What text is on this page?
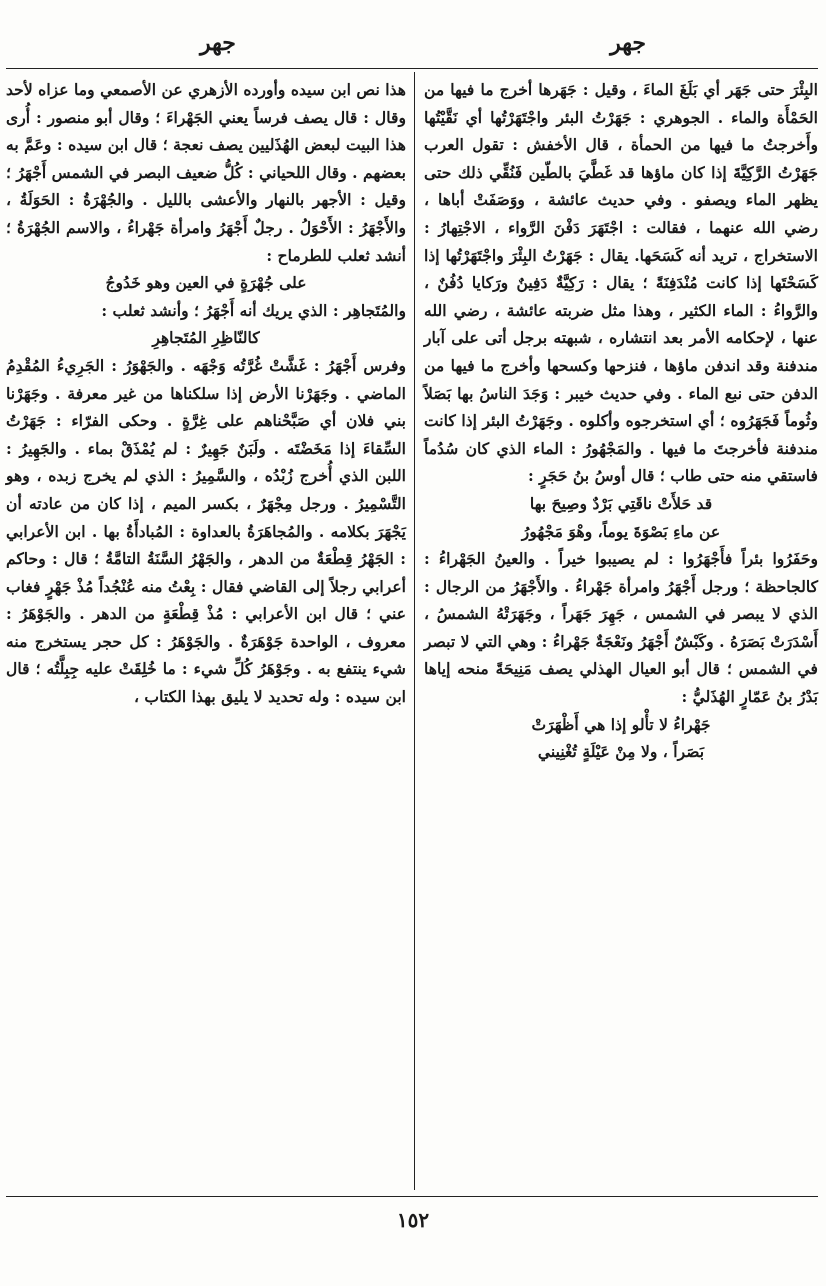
جهر
جهر

البِئْرَ حتى جَهَر أي بَلَغَ الماءَ ، وقيل : جَهَرها أخرج ما فيها من الحَمْأَة والماء . الجوهري : جَهَرْتُ البئر واجْتَهَرْتُها أي نَقَّيْتُها وأَخرجتُ ما فيها من الحمأة ، قال الأخفش : تقول العرب جَهَرْتُ الرَّكِيَّةَ إذا كان ماؤها قد غَطَّيَ بالطّين فَنُقِّي ذلك حتى يظهر الماء ويصفو . وفي حديث عائشة ، ووَصَفَتْ أباها ، رضي الله عنهما ، فقالت : اجْتَهَرَ دَفْنَ الرَّواء ، الاجْتِهارُ : الاستخراج ، تريد أنه كَسَحَها. يقال : جَهَرْتُ البِئْرَ واجْتَهَرْتُها إذا كَسَحْتَها إذا كانت مُنْدَفِنَةً ؛ يقال : رَكِيَّةٌ دَفِينٌ ورَكايا دُفُنٌ ، والرَّواءُ : الماء الكثير ، وهذا مثل ضربته عائشة ، رضي الله عنها ، لإحكامه الأمر بعد انتشاره ، شبهته برجل أتى على آبار مندفنة وقد اندفن ماؤها ، فنزحها وكسحها وأخرج ما فيها من الدفن حتى نبع الماء . وفي حديث خيبر : وَجَدَ الناسُ بها بَصَلاً وثُوماً فَجَهَرُوه ؛ أي استخرجوه وأكلوه . وجَهَرْتُ البئر إذا كانت مندفنة فأخرجتَ ما فيها . والمَجْهُورُ : الماء الذي كان سُدُماً فاستقي منه حتى طاب ؛ قال أوسُ بنُ حَجَرٍ :

قد حَلأَتْ ناقَتِي بَرْدٌ وصِيحَ بها

عن ماءِ بَصْوَةَ يوماً، وهْوَ مَجْهُورُ

وحَفَرُوا بئراً فأَجْهَرُوا : لم يصيبوا خيراً . والعينُ الجَهْراءُ : كالجاحظة ؛ ورجل أَجْهَرُ وامرأة جَهْراءُ . والأَجْهَرُ من الرجال : الذي لا يبصر في الشمس ، جَهِرَ جَهَراً ، وجَهَرَتْهُ الشمسُ ، أَسْدَرَتْ بَصَرَهُ . وكَبْشٌ أَجْهَرُ ونَعْجَةٌ جَهْراءُ : وهي التي لا تبصر في الشمس ؛ قال أبو العيال الهذلي يصف مَنِيحَةً منحه إياها بَدْرُ بنُ عَمّارٍ الهُذَليُّ :

جَهْراءُ لا تأْلو إذا هي أَظْهَرَتْ

بَصَراً ، ولا مِنْ عَيْلَةٍ تُغْنِيني

هذا نص ابن سيده وأورده الأزهري عن الأصمعي وما عزاه لأحد وقال : قال يصف فرساً يعني الجَهْراءَ ؛ وقال أبو منصور : أُرى هذا البيت لبعض الهُذَليين يصف نعجة ؛ قال ابن سيده : وعَمَّ به بعضهم . وقال اللحياني : كُلُّ ضعيف البصر في الشمس أَجْهَرُ ؛ وقيل : الأجهر بالنهار والأعشى بالليل . والجُهْرَةُ : الحَوَلَةُ ، والأَجْهَرُ : الأَحْوَلُ . رجلٌ أَجْهَرُ وامرأة جَهْراءُ ، والاسم الجُهْرَةُ ؛ أنشد ثعلب للطرماح :

على جُهْرَةٍ في العين وهو خَدُوجُ

والمُتَجاهِر : الذي يريك أنه أَجْهَرُ ؛ وأنشد ثعلب :

كالنّاظِرِ المُتَجاهِرِ

وفرس أَجْهَرُ : غَشَّتْ غُرَّتُه وَجْهَه . والجَهْوَرُ : الجَرِيءُ المُقْدِمُ الماضي . وجَهَرْنا الأرض إذا سلكناها من غير معرفة . وجَهَرْنا بني فلان أي صَبَّحْناهم على غِرَّةٍ . وحكى الفرّاء : جَهَرْتُ السِّقاءَ إذا مَخَضْتَه . ولَبَنٌ جَهِيرٌ : لم يُمْذَقْ بماء . والجَهِيرُ : اللبن الذي أُخرج زُبْدُه ، والسَّمِيرُ : الذي لم يخرج زبده ، وهو التَّسْمِيرُ . ورجل مِجْهَرٌ ، بكسر الميم ، إذا كان من عادته أن يَجْهَرَ بكلامه . والمُجاهَرَةُ بالعداوة : المُبادأَةُ بها . ابن الأعرابي : الجَهْرُ قِطْعَةٌ من الدهر ، والجَهْرُ السَّنَةُ التامَّةُ ؛ قال : وحاكم أعرابي رجلاً إلى القاضي فقال : بِعْتُ منه عُنْجُداً مُذْ جَهْرٍ فغاب عني ؛ قال ابن الأعرابي : مُذْ قِطْعَةٍ من الدهر . والجَوْهَرُ : معروف ، الواحدة جَوْهَرَةٌ . والجَوْهَرُ : كل حجر يستخرج منه شيء ينتفع به . وجَوْهَرُ كُلِّ شيء : ما خُلِقَتْ عليه جِبِلَّتُه ؛ قال ابن سيده : وله تحديد لا يليق بهذا الكتاب ،

١٥٢
